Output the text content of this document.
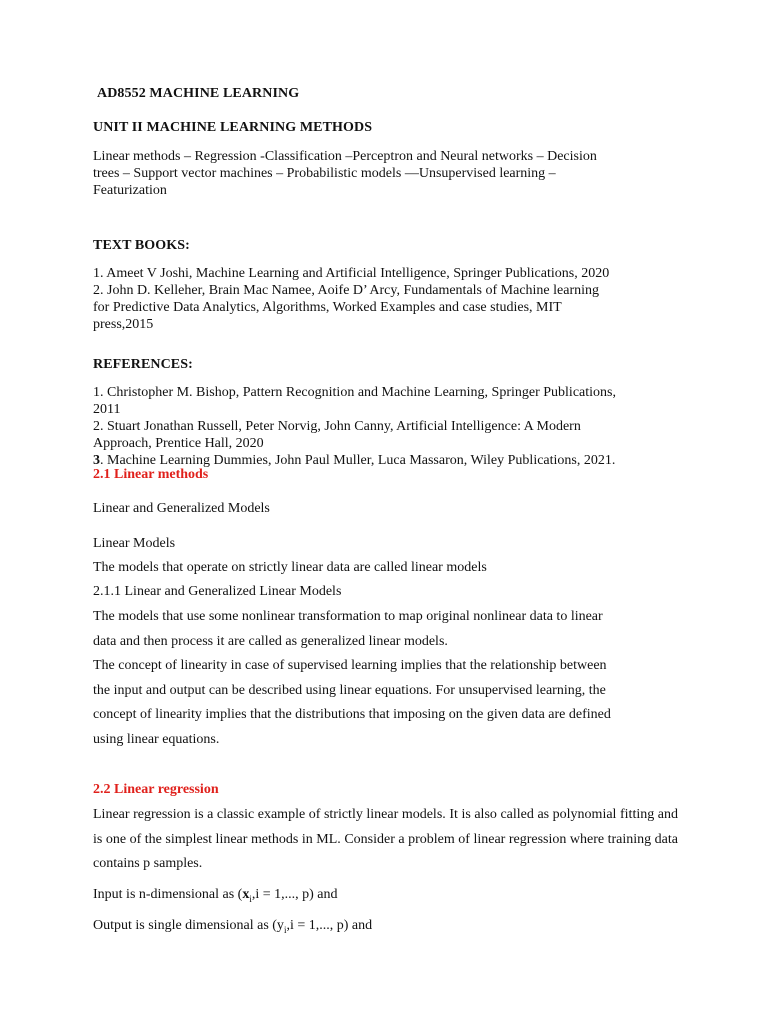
AD8552 MACHINE LEARNING
UNIT II MACHINE LEARNING METHODS
Linear methods – Regression -Classification –Perceptron and Neural networks – Decision
trees – Support vector machines – Probabilistic models —Unsupervised learning –
Featurization
TEXT BOOKS:
1. Ameet V Joshi, Machine Learning and Artificial Intelligence, Springer Publications, 2020
2. John D. Kelleher, Brain Mac Namee, Aoife D’ Arcy, Fundamentals of Machine learning
for Predictive Data Analytics, Algorithms, Worked Examples and case studies, MIT
press,2015
REFERENCES:
1. Christopher M. Bishop, Pattern Recognition and Machine Learning, Springer Publications,
2011
2. Stuart Jonathan Russell, Peter Norvig, John Canny, Artificial Intelligence: A Modern
Approach, Prentice Hall, 2020
3. Machine Learning Dummies, John Paul Muller, Luca Massaron, Wiley Publications, 2021.
2.1 Linear methods
Linear and Generalized Models
Linear Models
The models that operate on strictly linear data are called linear models
2.1.1 Linear and Generalized Linear Models
The models that use some nonlinear transformation to map original nonlinear data to linear
data and then process it are called as generalized linear models.
The concept of linearity in case of supervised learning implies that the relationship between
the input and output can be described using linear equations. For unsupervised learning, the
concept of linearity implies that the distributions that imposing on the given data are defined
using linear equations.
2.2 Linear regression
Linear regression is a classic example of strictly linear models. It is also called as polynomial fitting and is one of the simplest linear methods in ML. Consider a problem of linear regression where training data contains p samples.
Input is n-dimensional as ($x_i,i = 1$,..., p) and
Output is single dimensional as ($y_i,i = 1$,..., p) and
